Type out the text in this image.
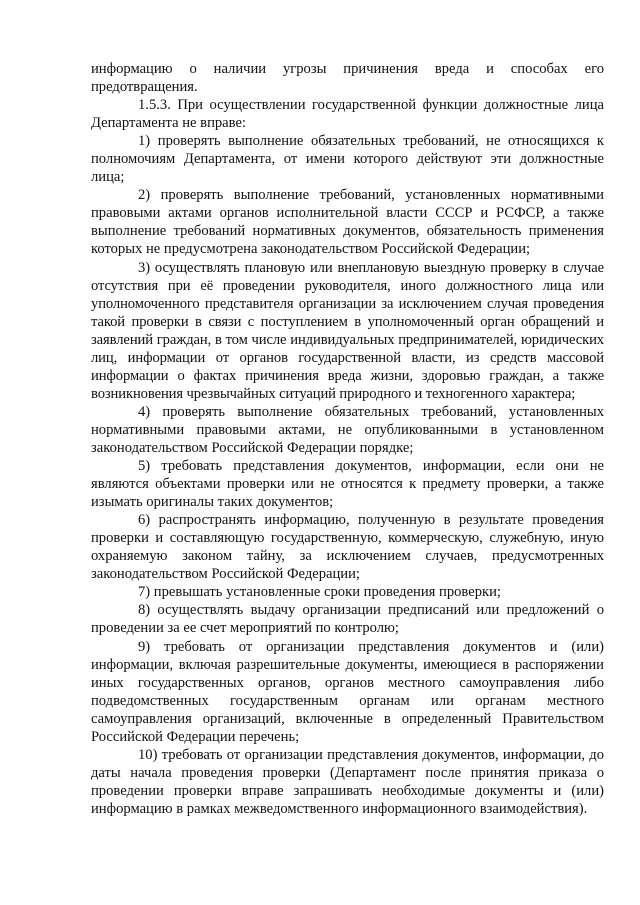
информацию о наличии угрозы причинения вреда и способах его предотвращения.

1.5.3. При осуществлении государственной функции должностные лица Департамента не вправе:

1) проверять выполнение обязательных требований, не относящихся к полномочиям Департамента, от имени которого действуют эти должностные лица;

2) проверять выполнение требований, установленных нормативными правовыми актами органов исполнительной власти СССР и РСФСР, а также выполнение требований нормативных документов, обязательность применения которых не предусмотрена законодательством Российской Федерации;

3) осуществлять плановую или внеплановую выездную проверку в случае отсутствия при её проведении руководителя, иного должностного лица или уполномоченного представителя организации за исключением случая проведения такой проверки в связи с поступлением в уполномоченный орган обращений и заявлений граждан, в том числе индивидуальных предпринимателей, юридических лиц, информации от органов государственной власти, из средств массовой информации о фактах причинения вреда жизни, здоровью граждан, а также возникновения чрезвычайных ситуаций природного и техногенного характера;

4) проверять выполнение обязательных требований, установленных нормативными правовыми актами, не опубликованными в установленном законодательством Российской Федерации порядке;

5) требовать представления документов, информации, если они не являются объектами проверки или не относятся к предмету проверки, а также изымать оригиналы таких документов;

6) распространять информацию, полученную в результате проведения проверки и составляющую государственную, коммерческую, служебную, иную охраняемую законом тайну, за исключением случаев, предусмотренных законодательством Российской Федерации;

7) превышать установленные сроки проведения проверки;

8) осуществлять выдачу организации предписаний или предложений о проведении за ее счет мероприятий по контролю;

9) требовать от организации представления документов и (или) информации, включая разрешительные документы, имеющиеся в распоряжении иных государственных органов, органов местного самоуправления либо подведомственных государственным органам или органам местного самоуправления организаций, включенные в определенный Правительством Российской Федерации перечень;

10) требовать от организации представления документов, информации, до даты начала проведения проверки (Департамент после принятия приказа о проведении проверки вправе запрашивать необходимые документы и (или) информацию в рамках межведомственного информационного взаимодействия).
